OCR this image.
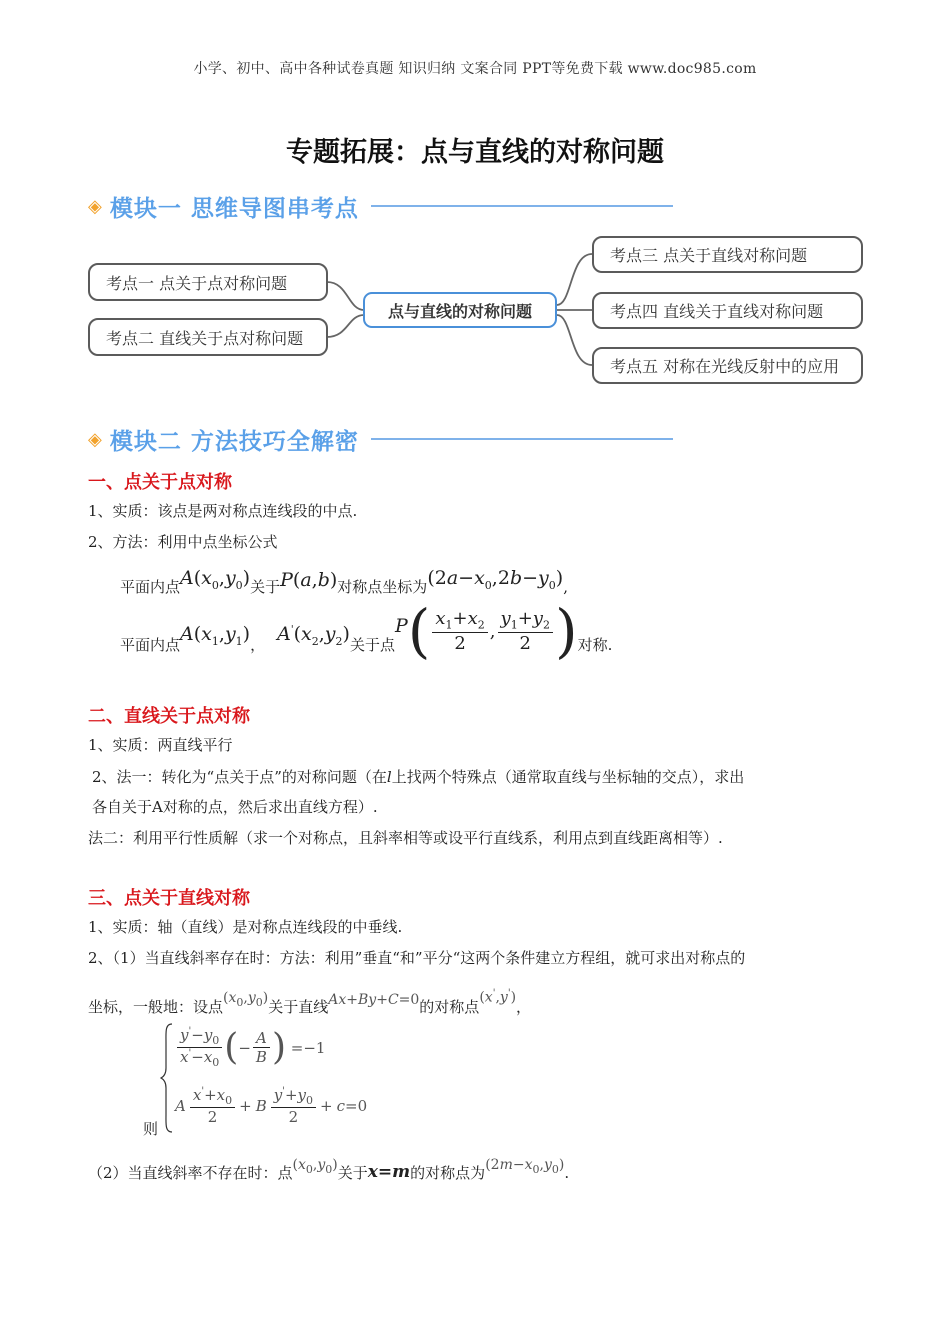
小学、初中、高中各种试卷真题 知识归纳 文案合同 PPT等免费下载 www.doc985.com
专题拓展：点与直线的对称问题
◈ 模块一 思维导图串考点
考点一 点关于点对称问题
考点二 直线关于点对称问题
点与直线的对称问题
考点三 点关于直线对称问题
考点四 直线关于直线对称问题
考点五 对称在光线反射中的应用
◈ 模块二 方法技巧全解密
一、点关于点对称
1、实质：该点是两对称点连线段的中点.
2、方法：利用中点坐标公式
平面内点 $A(x_0,y_0)$ 关于 P(a,b) 对称点坐标为 $(2a-x_0,2b-y_0)$ ,
平面内点 $A(x_1,y_1)$ ， $A'(x_2,y_2)$ 关于点
P ( $\frac{x_1+x_2}{2}$ , $\frac{y_1+y_2}{2}$ ) 对称.
二、直线关于点对称
1、实质：两直线平行
2、法一：转化为“点关于点”的对称问题（在l上找两个特殊点（通常取直线与坐标轴的交点），求出
各自关于A对称的点，然后求出直线方程）.
法二：利用平行性质解（求一个对称点，且斜率相等或设平行直线系，利用点到直线距离相等）.
三、点关于直线对称
1、实质：轴（直线）是对称点连线段的中垂线.
2、（1）当直线斜率存在时：方法：利用”垂直“和”平分“这两个条件建立方程组，就可求出对称点的
坐标，一般地：设点 $(x_0,y_0)$ 关于直线 Ax+By+C=0 的对称点
(x',y')
，
则
$\frac{y'-y_0}{x'-x_0}$ ( − $\frac{A}{B}$ ) =−1
A $\frac{x'+x_0}{2} + B \frac{y'+y_0}{2} + c =0$
（2）当直线斜率不存在时：点 $(x_0,y_0)$ 关于 x=m 的对称点为 $(2m-x_0,y_0)$ .
